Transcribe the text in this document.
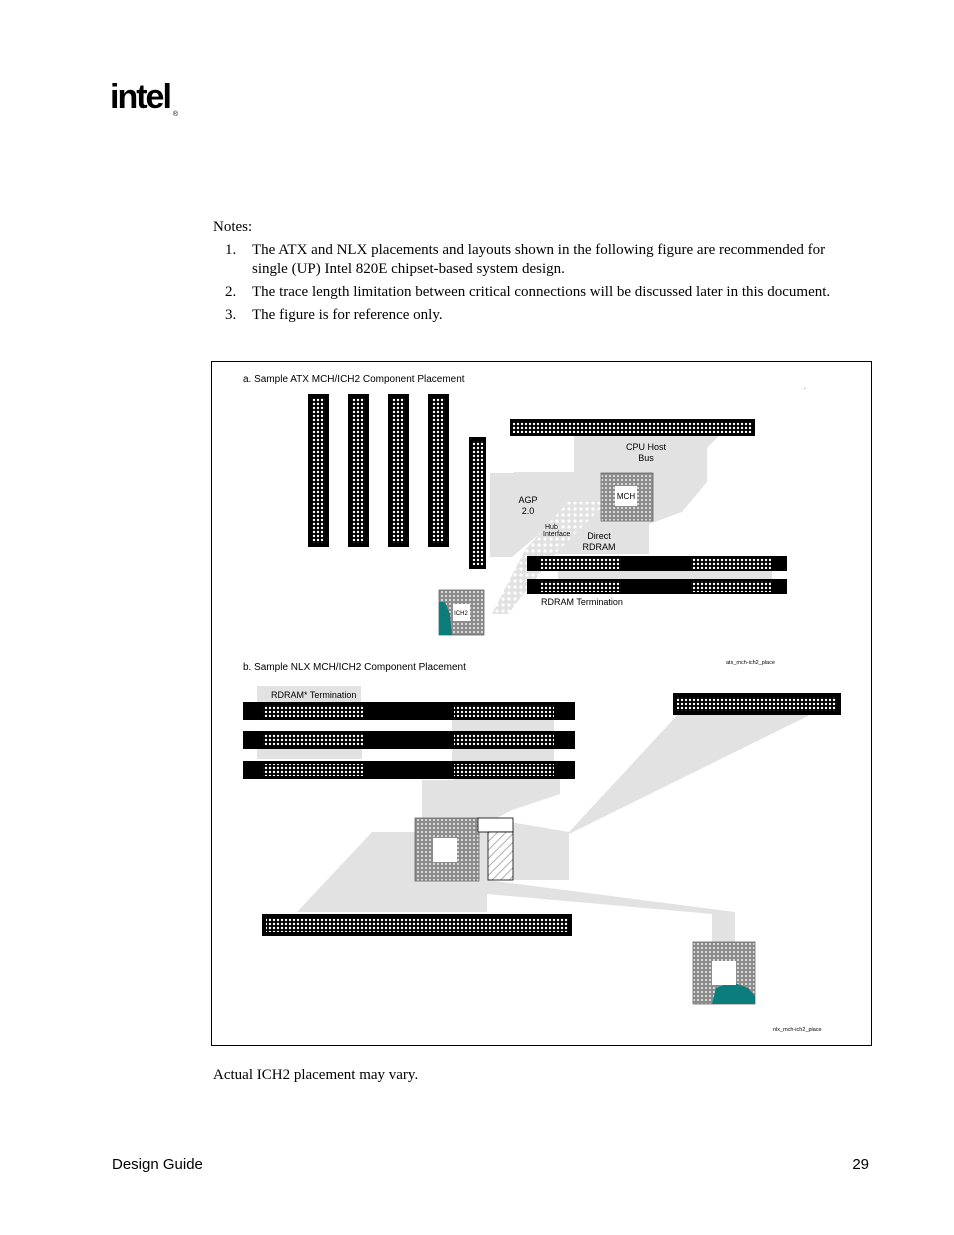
intel $_®$
Notes:
1. The ATX and NLX placements and layouts shown in the following figure are recommended for single (UP) Intel 820E chipset-based system design.
2. The trace length limitation between critical connections will be discussed later in this document.
3. The figure is for reference only.
a. Sample ATX MCH/ICH2 Component Placement
.
MCH
ICH2
CPU Host
Bus
AGP
2.0
Hub
Interface Direct
RDRAM
RDRAM Termination
atx_mch-ich2_place
b. Sample NLX MCH/ICH2 Component Placement
RDRAM* Termination
nlx_mch-ich2_place
Actual ICH2 placement may vary.
Design Guide	29
